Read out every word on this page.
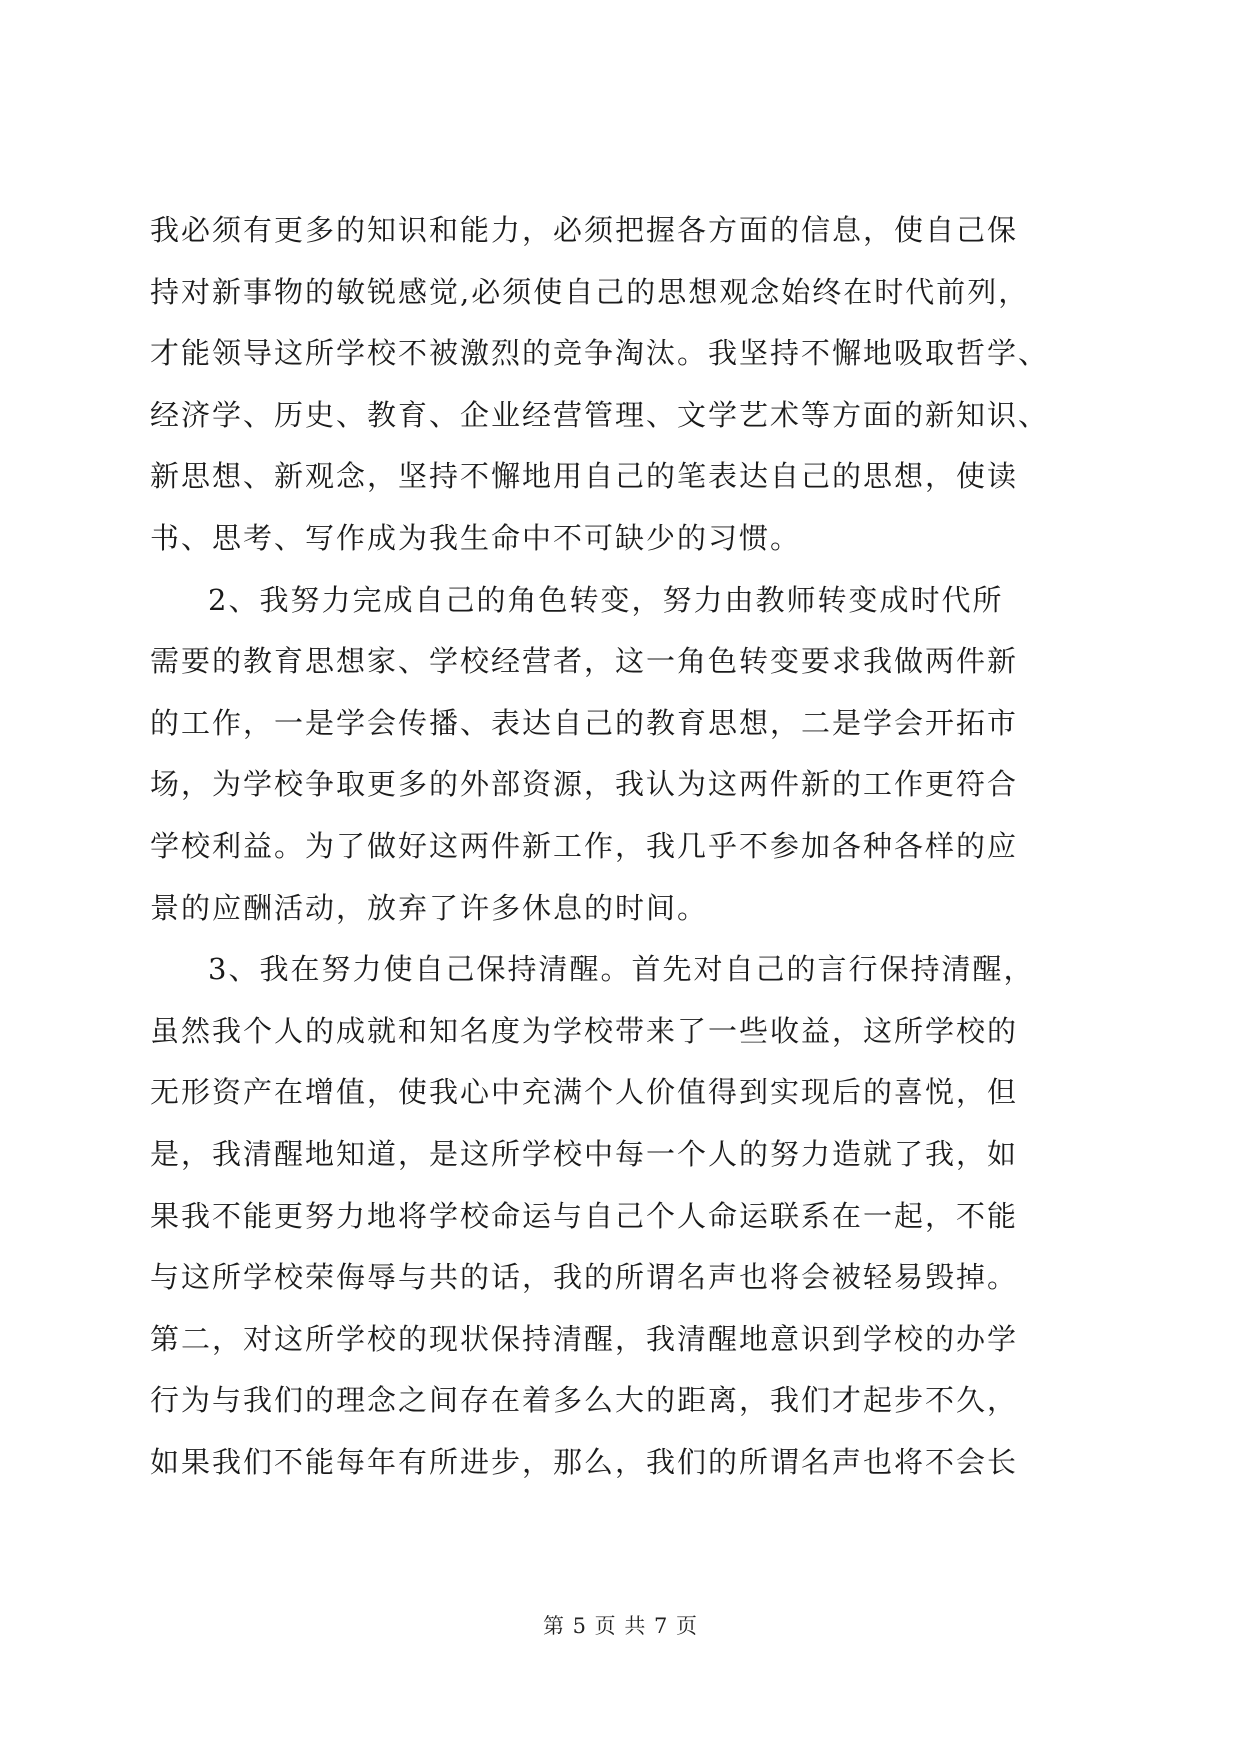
我必须有更多的知识和能力，必须把握各方面的信息，使自己保
持对新事物的敏锐感觉,必须使自己的思想观念始终在时代前列，
才能领导这所学校不被激烈的竞争淘汰。我坚持不懈地吸取哲学、
经济学、历史、教育、企业经营管理、文学艺术等方面的新知识、
新思想、新观念，坚持不懈地用自己的笔表达自己的思想，使读
书、思考、写作成为我生命中不可缺少的习惯。
2、我努力完成自己的角色转变，努力由教师转变成时代所
需要的教育思想家、学校经营者，这一角色转变要求我做两件新
的工作，一是学会传播、表达自己的教育思想，二是学会开拓市
场，为学校争取更多的外部资源，我认为这两件新的工作更符合
学校利益。为了做好这两件新工作，我几乎不参加各种各样的应
景的应酬活动，放弃了许多休息的时间。
3、我在努力使自己保持清醒。首先对自己的言行保持清醒，
虽然我个人的成就和知名度为学校带来了一些收益，这所学校的
无形资产在增值，使我心中充满个人价值得到实现后的喜悦，但
是，我清醒地知道，是这所学校中每一个人的努力造就了我，如
果我不能更努力地将学校命运与自己个人命运联系在一起，不能
与这所学校荣侮辱与共的话，我的所谓名声也将会被轻易毁掉。
第二，对这所学校的现状保持清醒，我清醒地意识到学校的办学
行为与我们的理念之间存在着多么大的距离，我们才起步不久，
如果我们不能每年有所进步，那么，我们的所谓名声也将不会长
第 5 页 共 7 页
